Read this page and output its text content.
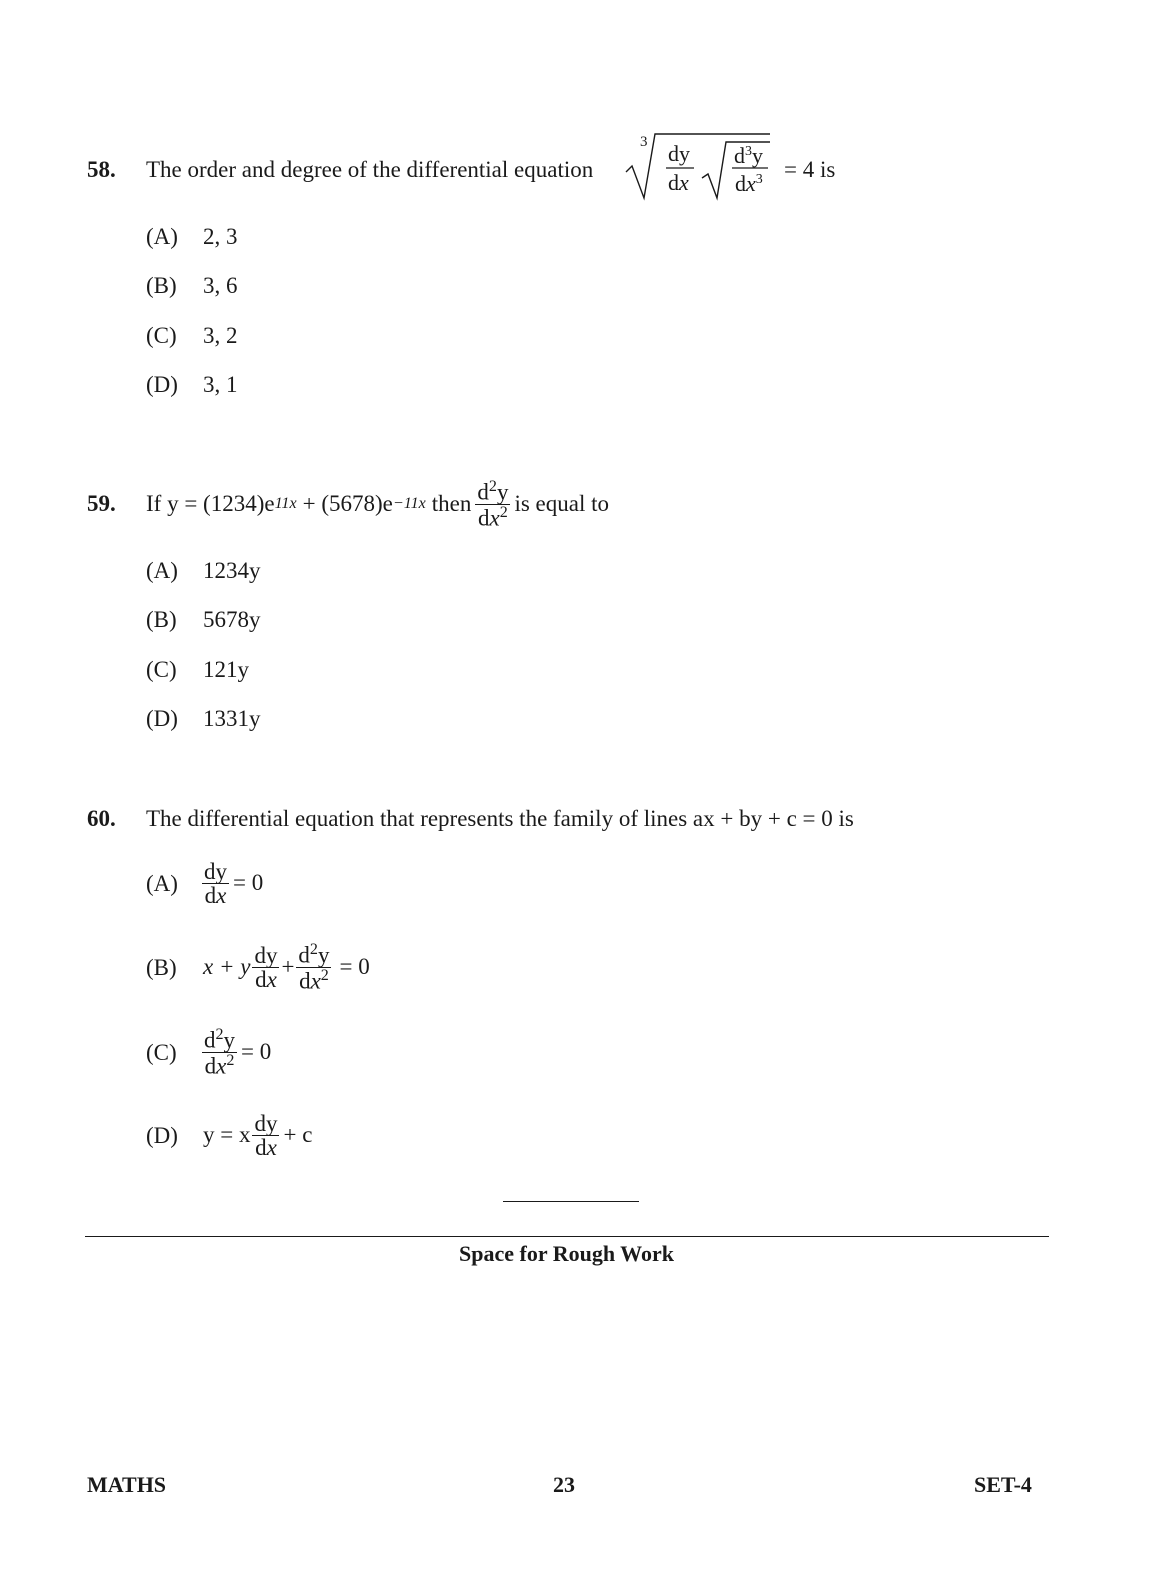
58. The order and degree of the differential equation
3 dy
dx
$d^3y$
$dx^3 = 4$ is
(A) 2, 3
(B) 3, 6
(C) 3, 2
(D) 3, 1
59. If y = (1234)e 11x + (5678)e −11x then $\frac{d^2y}{dx^2}$ is equal to
(A) 1234y
(B) 5678y
(C) 121y
(D) 1331y
60. The differential equation that represents the family of lines ax + by + c = 0 is
$(A) \frac{dy}{dx} = 0$
(B) x + y $\frac{dy}{dx} + \frac{d^2y}{dx^2} = 0$
$(C) \frac{d^2y}{dx^2} = 0$
(D) y = x $\frac{dy}{dx} + c$
Space for Rough Work
MATHS	23	SET-4
